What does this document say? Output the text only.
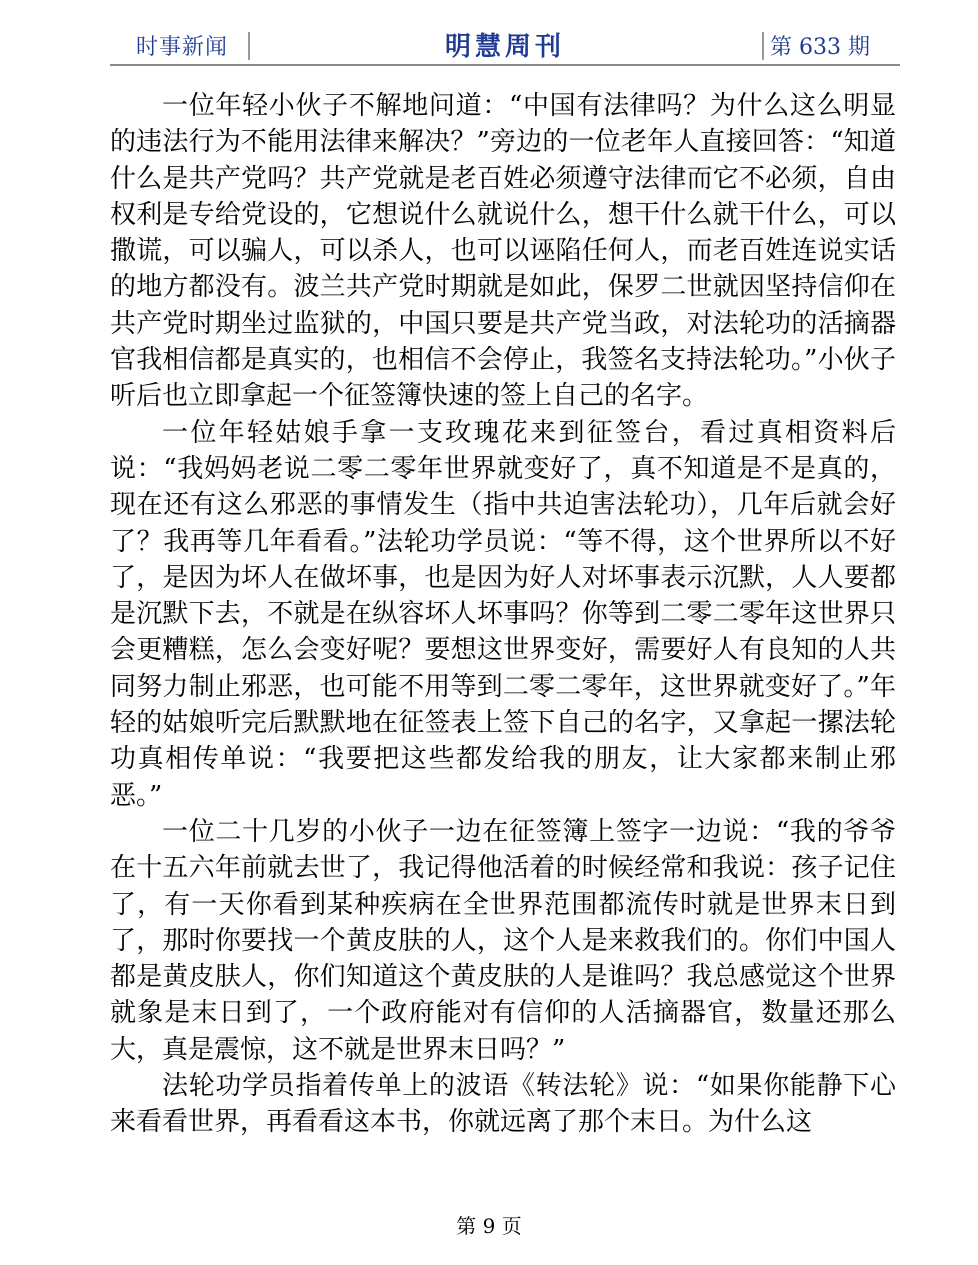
时事新闻	明慧周刊	第 633 期

一位年轻小伙子不解地问道：“中国有法律吗？为什么这么明显的违法行为不能用法律来解决？”旁边的一位老年人直接回答：“知道什么是共产党吗？共产党就是老百姓必须遵守法律而它不必须，自由权利是专给党设的，它想说什么就说什么，想干什么就干什么，可以撒谎，可以骗人，可以杀人，也可以诬陷任何人，而老百姓连说实话的地方都没有。波兰共产党时期就是如此，保罗二世就因坚持信仰在共产党时期坐过监狱的，中国只要是共产党当政，对法轮功的活摘器官我相信都是真实的，也相信不会停止，我签名支持法轮功。”小伙子听后也立即拿起一个征签簿快速的签上自己的名字。

一位年轻姑娘手拿一支玫瑰花来到征签台，看过真相资料后说：“我妈妈老说二零二零年世界就变好了，真不知道是不是真的，现在还有这么邪恶的事情发生（指中共迫害法轮功），几年后就会好了？我再等几年看看。”法轮功学员说：“等不得，这个世界所以不好了，是因为坏人在做坏事，也是因为好人对坏事表示沉默，人人要都是沉默下去，不就是在纵容坏人坏事吗？你等到二零二零年这世界只会更糟糕，怎么会变好呢？要想这世界变好，需要好人有良知的人共同努力制止邪恶，也可能不用等到二零二零年，这世界就变好了。”年轻的姑娘听完后默默地在征签表上签下自己的名字，又拿起一摞法轮功真相传单说：“我要把这些都发给我的朋友，让大家都来制止邪恶。”

一位二十几岁的小伙子一边在征签簿上签字一边说：“我的爷爷在十五六年前就去世了，我记得他活着的时候经常和我说：孩子记住了，有一天你看到某种疾病在全世界范围都流传时就是世界末日到了，那时你要找一个黄皮肤的人，这个人是来救我们的。你们中国人都是黄皮肤人，你们知道这个黄皮肤的人是谁吗？我总感觉这个世界就象是末日到了，一个政府能对有信仰的人活摘器官，数量还那么大，真是震惊，这不就是世界末日吗？”

法轮功学员指着传单上的波语《转法轮》说：“如果你能静下心来看看世界，再看看这本书，你就远离了那个末日。为什么这

第 9 页
